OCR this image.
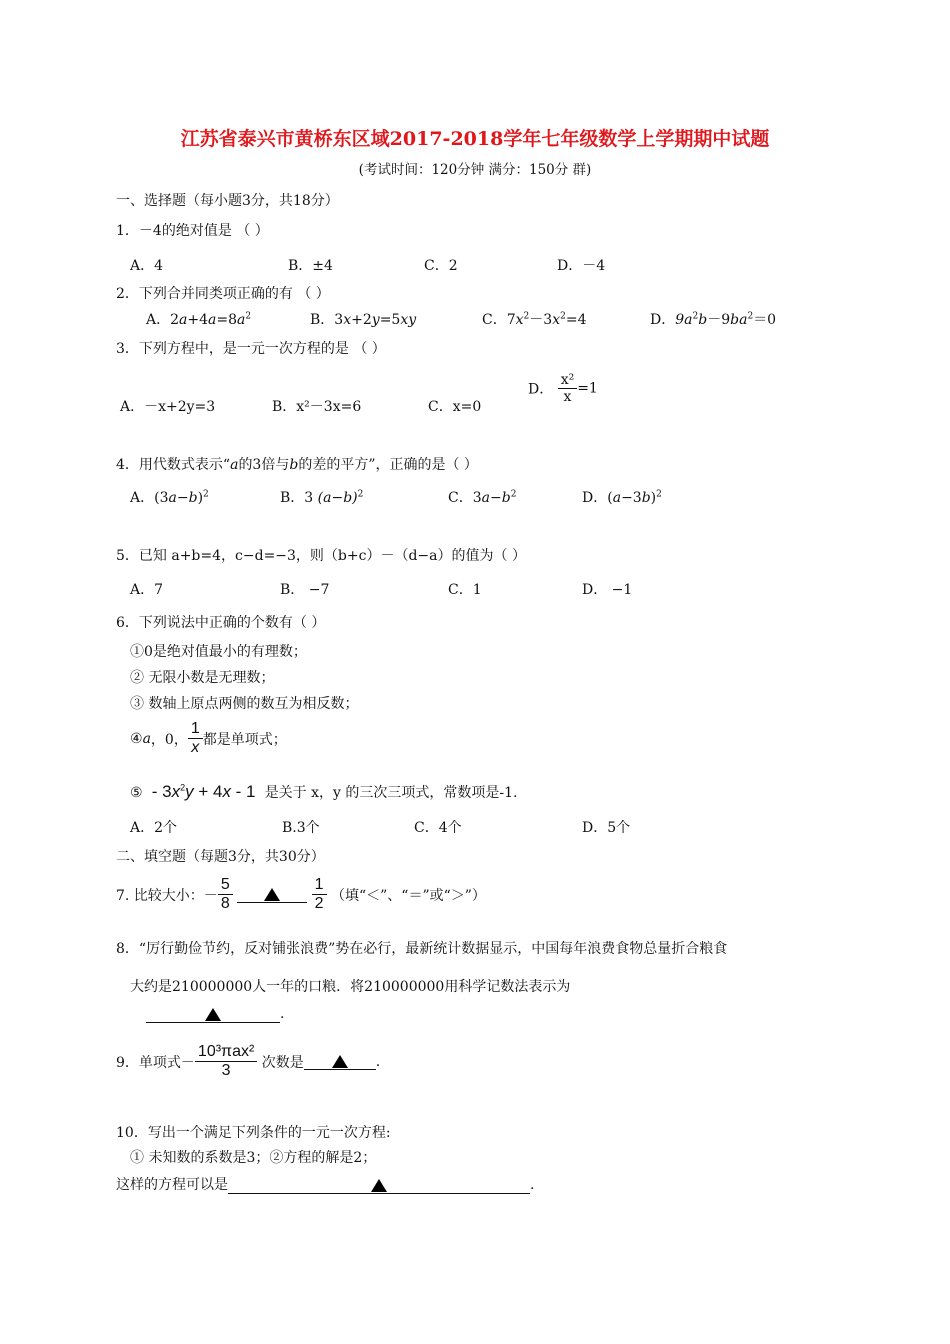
江苏省泰兴市黄桥东区域2017-2018学年七年级数学上学期期中试题
(考试时间：120分钟 满分：150分 群)
一、选择题（每小题3分，共18分）
1．－4的绝对值是 （ ）
A．4	B．±4	C．2	D．－4
2．下列合并同类项正确的有 （ ）
A．$2a+4a=8a^2$	B．3x+2y=5xy	C．$7x^2-3x^2=4$	D．$9a^2b-9ba^2=0$
3．下列方程中，是一元一次方程的是 （ ）
A．－x+2y=3	B．x²－3x=6	C．x=0
D． $\frac{\text{x²}}{x} =1$
4．用代数式表示“a的3倍与b的差的平方”，正确的是（ ）
A．$(3a-b)^2$	B．3 $(a-b)^2$	C．$3a-b^2$	D．$(a-3b)^2$
5．已知 a+b=4，c−d=−3，则（b+c）－（d−a）的值为（ ）
A．7	B． −7	C．1	D． −1
6．下列说法中正确的个数有（ ）
①0是绝对值最小的有理数；
② 无限小数是无理数；
③ 数轴上原点两侧的数互为相反数；
④a，0， $\frac{1}{x}$ 都是单项式；
⑤  - $3x^2y + 4x - 1$  是关于 x，y 的三次三项式，常数项是-1.
A．2个	B.3个	C．4个	D．5个
二、填空题（每题3分，共30分）
7. 比较大小：－ $\frac{5}{8}$
	$\frac{1}{2}$ （填“＜”、“＝”或“＞”）
8．“厉行勤俭节约，反对铺张浪费”势在必行，最新统计数据显示，中国每年浪费食物总量折合粮食
大约是210000000人一年的口粮．将210000000用科学记数法表示为
.
9．单项式－ $\frac{\text{10³πax²}}{3}$ 次数是	.
10．写出一个满足下列条件的一元一次方程:
① 未知数的系数是3；②方程的解是2；
这样的方程可以是	.
